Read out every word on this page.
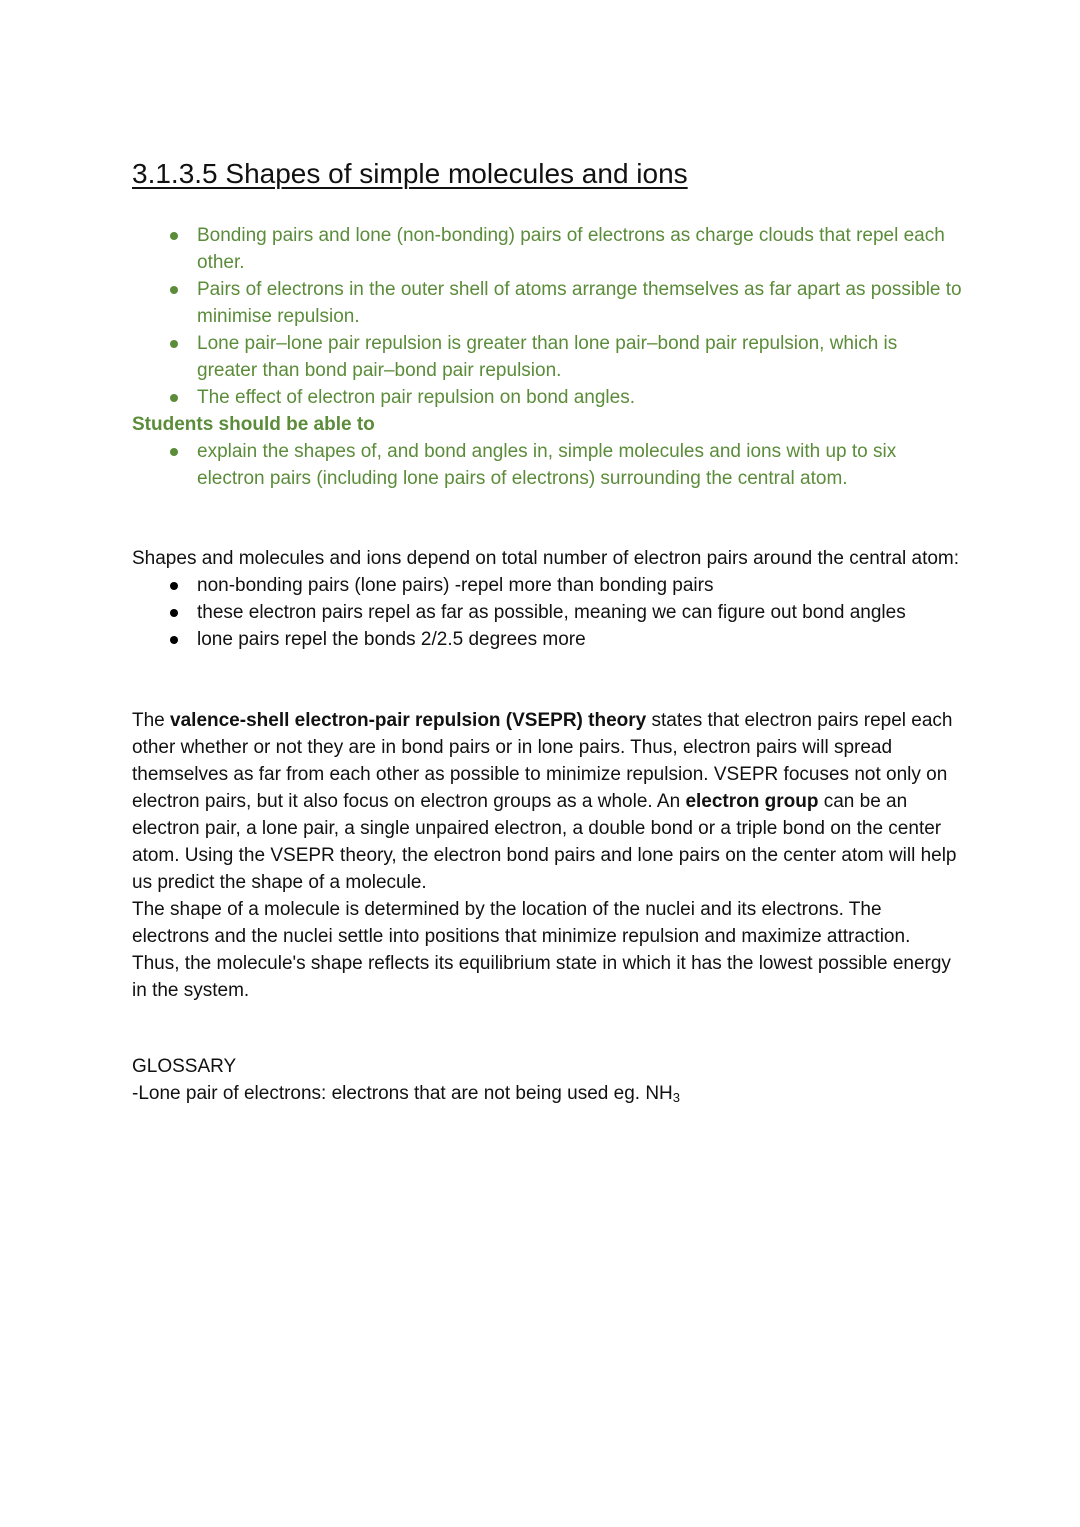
3.1.3.5 Shapes of simple molecules and ions
Bonding pairs and lone (non-bonding) pairs of electrons as charge clouds that repel each other.
Pairs of electrons in the outer shell of atoms arrange themselves as far apart as possible to minimise repulsion.
Lone pair–lone pair repulsion is greater than lone pair–bond pair repulsion, which is greater than bond pair–bond pair repulsion.
The effect of electron pair repulsion on bond angles.

Students should be able to

explain the shapes of, and bond angles in, simple molecules and ions with up to six electron pairs (including lone pairs of electrons) surrounding the central atom.

Shapes and molecules and ions depend on total number of electron pairs around the central atom:

non-bonding pairs (lone pairs) -repel more than bonding pairs
these electron pairs repel as far as possible, meaning we can figure out bond angles
lone pairs repel the bonds 2/2.5 degrees more

The valence-shell electron-pair repulsion (VSEPR) theory states that electron pairs repel each other whether or not they are in bond pairs or in lone pairs. Thus, electron pairs will spread themselves as far from each other as possible to minimize repulsion. VSEPR focuses not only on electron pairs, but it also focus on electron groups as a whole. An electron group can be an electron pair, a lone pair, a single unpaired electron, a double bond or a triple bond on the center atom. Using the VSEPR theory, the electron bond pairs and lone pairs on the center atom will help us predict the shape of a molecule.

The shape of a molecule is determined by the location of the nuclei and its electrons. The electrons and the nuclei settle into positions that minimize repulsion and maximize attraction. Thus, the molecule's shape reflects its equilibrium state in which it has the lowest possible energy in the system.

GLOSSARY

-Lone pair of electrons: electrons that are not being used eg. $NH_3$
